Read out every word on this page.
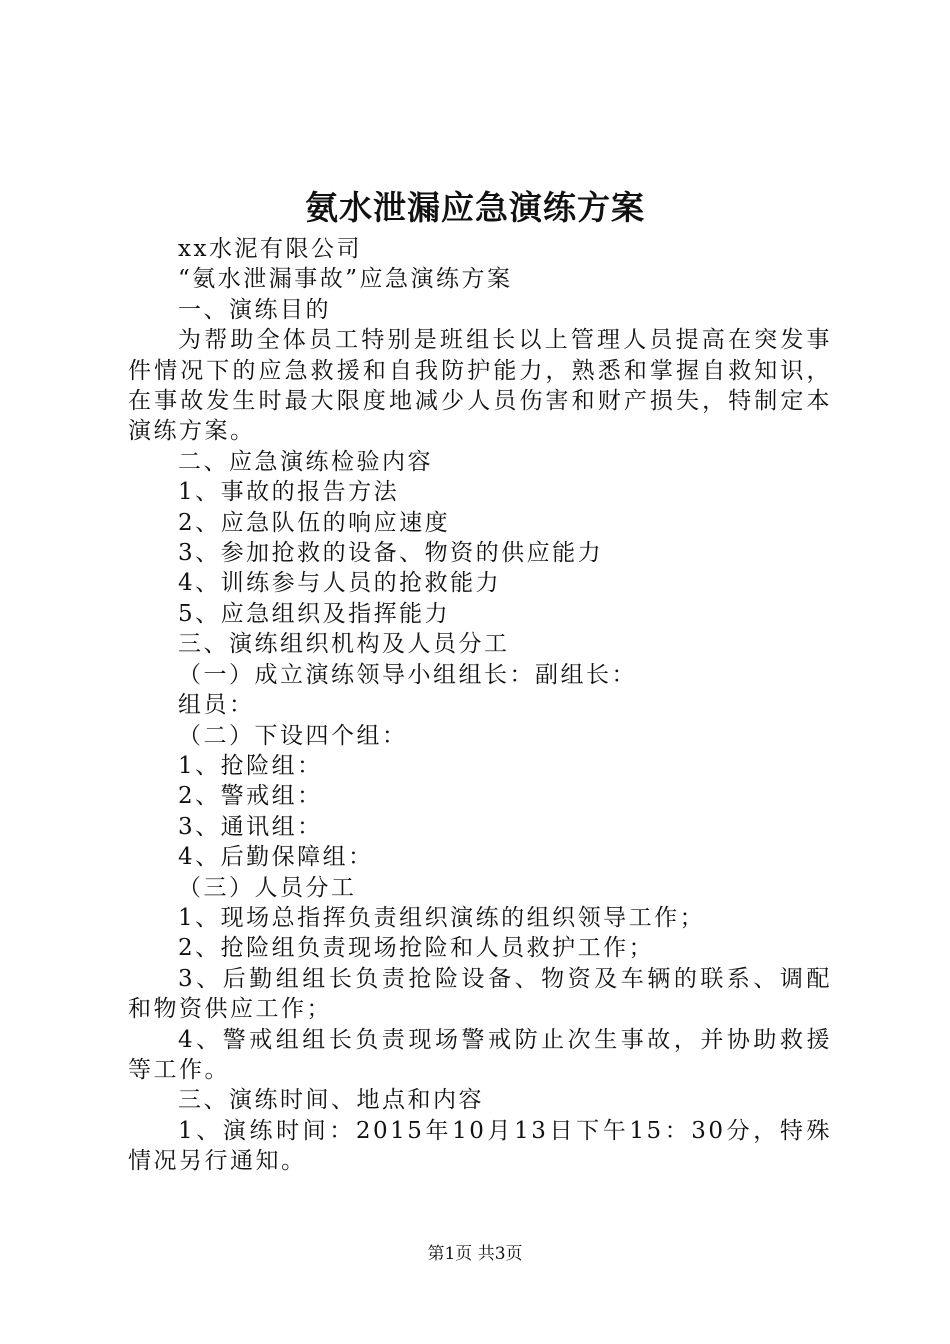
氨水泄漏应急演练方案

xx水泥有限公司

“氨水泄漏事故”应急演练方案

一、演练目的

为帮助全体员工特别是班组长以上管理人员提高在突发事件情况下的应急救援和自我防护能力，熟悉和掌握自救知识，在事故发生时最大限度地减少人员伤害和财产损失，特制定本演练方案。

二、应急演练检验内容

1、事故的报告方法

2、应急队伍的响应速度

3、参加抢救的设备、物资的供应能力

4、训练参与人员的抢救能力

5、应急组织及指挥能力

三、演练组织机构及人员分工

（一）成立演练领导小组组长：副组长：

组员：

（二）下设四个组：

1、抢险组：

2、警戒组：

3、通讯组：

4、后勤保障组：

（三）人员分工

1、现场总指挥负责组织演练的组织领导工作；

2、抢险组负责现场抢险和人员救护工作；

3、后勤组组长负责抢险设备、物资及车辆的联系、调配和物资供应工作；

4、警戒组组长负责现场警戒防止次生事故，并协助救援等工作。

三、演练时间、地点和内容

1、演练时间：2015年10月13日下午15：30分，特殊情况另行通知。

第1页 共3页
